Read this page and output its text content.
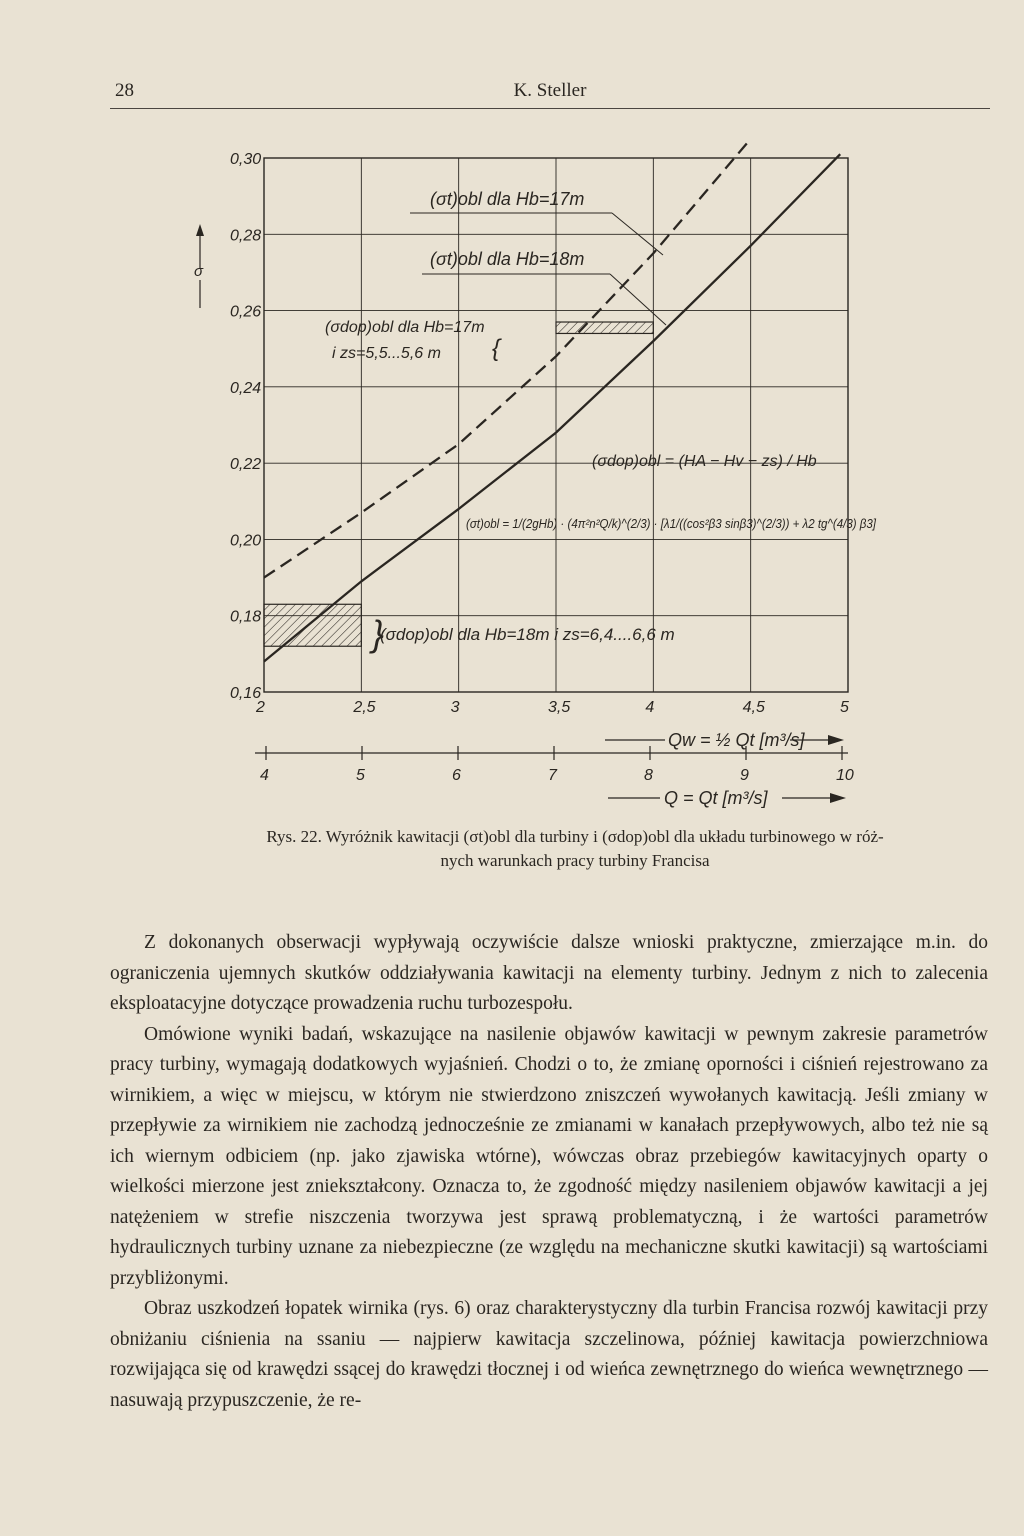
28	K. Steller
0,30
0,28
0,26
0,24
0,22
0,20
0,18
0,16
2	2,5	3	3,5	4	4,5	5
σ
(σt)obl dla Hb=17m
(σt)obl dla Hb=18m
(σdop)obl dla Hb=17m
i zs=5,5...5,6 m {
(σdop)obl dla Hb=18m i zs=6,4....6,6 m
}
(σdop)obl = (HA − Hv − zs) / Hb
(σt)obl = 1/(2gHb) · (4π²n²Q/k)^(2/3) · [λ1/((cos²β3 sinβ3)^(2/3)) + λ2 tg^(4/3) β3]
4	5	6	7	8	9	10
Qw = ½ Qt [m³/s]
Q = Qt [m³/s]
Rys. 22. Wyróżnik kawitacji (σt)obl dla turbiny i (σdop)obl dla układu turbinowego w róż-
nych warunkach pracy turbiny Francisa

Z dokonanych obserwacji wypływają oczywiście dalsze wnioski praktyczne, zmierzające m.in. do ograniczenia ujemnych skutków oddziaływania kawitacji na elementy turbiny. Jednym z nich to zalecenia eksploatacyjne dotyczące prowadzenia ruchu turbozespołu.

Omówione wyniki badań, wskazujące na nasilenie objawów kawitacji w pewnym zakresie parametrów pracy turbiny, wymagają dodatkowych wyjaśnień. Chodzi o to, że zmianę oporności i ciśnień rejestrowano za wirnikiem, a więc w miejscu, w którym nie stwierdzono zniszczeń wywołanych kawitacją. Jeśli zmiany w przepływie za wirnikiem nie zachodzą jednocześnie ze zmianami w kanałach przepływowych, albo też nie są ich wiernym odbiciem (np. jako zjawiska wtórne), wówczas obraz przebiegów kawitacyjnych oparty o wielkości mierzone jest zniekształcony. Oznacza to, że zgodność między nasileniem objawów kawitacji a jej natężeniem w strefie niszczenia tworzywa jest sprawą problematyczną, i że wartości parametrów hydraulicznych turbiny uznane za niebezpieczne (ze względu na mechaniczne skutki kawitacji) są wartościami przybliżonymi.

Obraz uszkodzeń łopatek wirnika (rys. 6) oraz charakterystyczny dla turbin Francisa rozwój kawitacji przy obniżaniu ciśnienia na ssaniu — najpierw kawitacja szczelinowa, później kawitacja powierzchniowa rozwijająca się od krawędzi ssącej do krawędzi tłocznej i od wieńca zewnętrznego do wieńca wewnętrznego — nasuwają przypuszczenie, że re-
